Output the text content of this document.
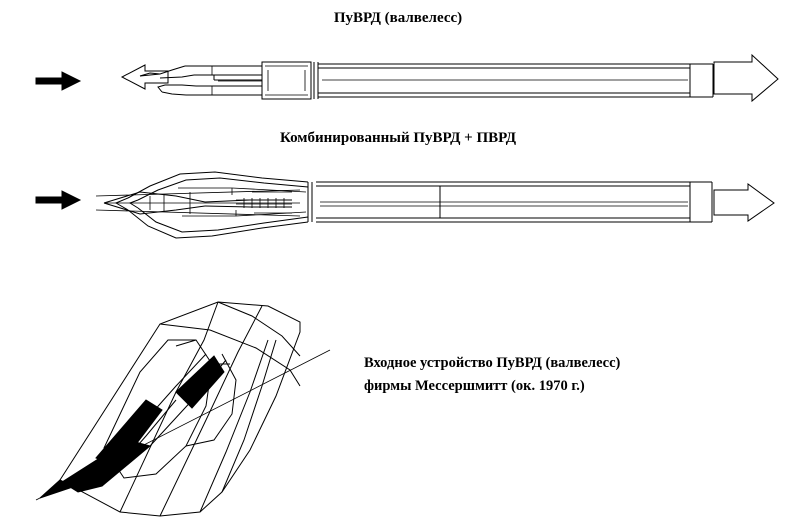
ПуВРД (валвелесс)
Комбинированный ПуВРД + ПВРД
Входное устройство ПуВРД (валвелесс)
фирмы Мессершмитт (ок. 1970 г.)
